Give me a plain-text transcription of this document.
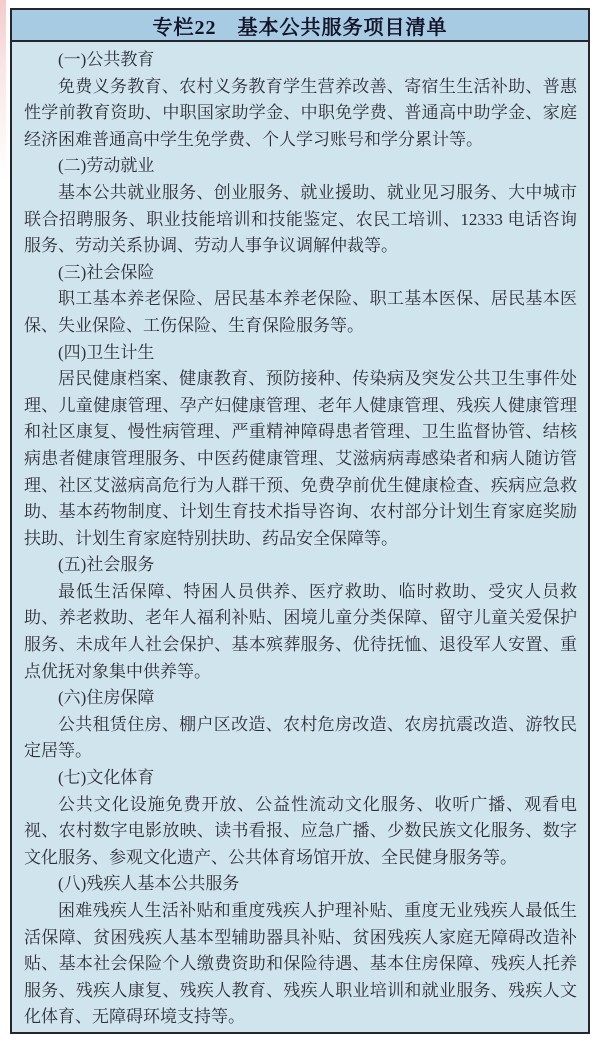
专栏22　基本公共服务项目清单

(一)公共教育

免费义务教育、农村义务教育学生营养改善、寄宿生生活补助、普惠性学前教育资助、中职国家助学金、中职免学费、普通高中助学金、家庭经济困难普通高中学生免学费、个人学习账号和学分累计等。

(二)劳动就业

基本公共就业服务、创业服务、就业援助、就业见习服务、大中城市联合招聘服务、职业技能培训和技能鉴定、农民工培训、12333 电话咨询服务、劳动关系协调、劳动人事争议调解仲裁等。

(三)社会保险

职工基本养老保险、居民基本养老保险、职工基本医保、居民基本医保、失业保险、工伤保险、生育保险服务等。

(四)卫生计生

居民健康档案、健康教育、预防接种、传染病及突发公共卫生事件处理、儿童健康管理、孕产妇健康管理、老年人健康管理、残疾人健康管理和社区康复、慢性病管理、严重精神障碍患者管理、卫生监督协管、结核病患者健康管理服务、中医药健康管理、艾滋病病毒感染者和病人随访管理、社区艾滋病高危行为人群干预、免费孕前优生健康检查、疾病应急救助、基本药物制度、计划生育技术指导咨询、农村部分计划生育家庭奖励扶助、计划生育家庭特别扶助、药品安全保障等。

(五)社会服务

最低生活保障、特困人员供养、医疗救助、临时救助、受灾人员救助、养老救助、老年人福利补贴、困境儿童分类保障、留守儿童关爱保护服务、未成年人社会保护、基本殡葬服务、优待抚恤、退役军人安置、重点优抚对象集中供养等。

(六)住房保障

公共租赁住房、棚户区改造、农村危房改造、农房抗震改造、游牧民定居等。

(七)文化体育

公共文化设施免费开放、公益性流动文化服务、收听广播、观看电视、农村数字电影放映、读书看报、应急广播、少数民族文化服务、数字文化服务、参观文化遗产、公共体育场馆开放、全民健身服务等。

(八)残疾人基本公共服务

困难残疾人生活补贴和重度残疾人护理补贴、重度无业残疾人最低生活保障、贫困残疾人基本型辅助器具补贴、贫困残疾人家庭无障碍改造补贴、基本社会保险个人缴费资助和保险待遇、基本住房保障、残疾人托养服务、残疾人康复、残疾人教育、残疾人职业培训和就业服务、残疾人文化体育、无障碍环境支持等。
